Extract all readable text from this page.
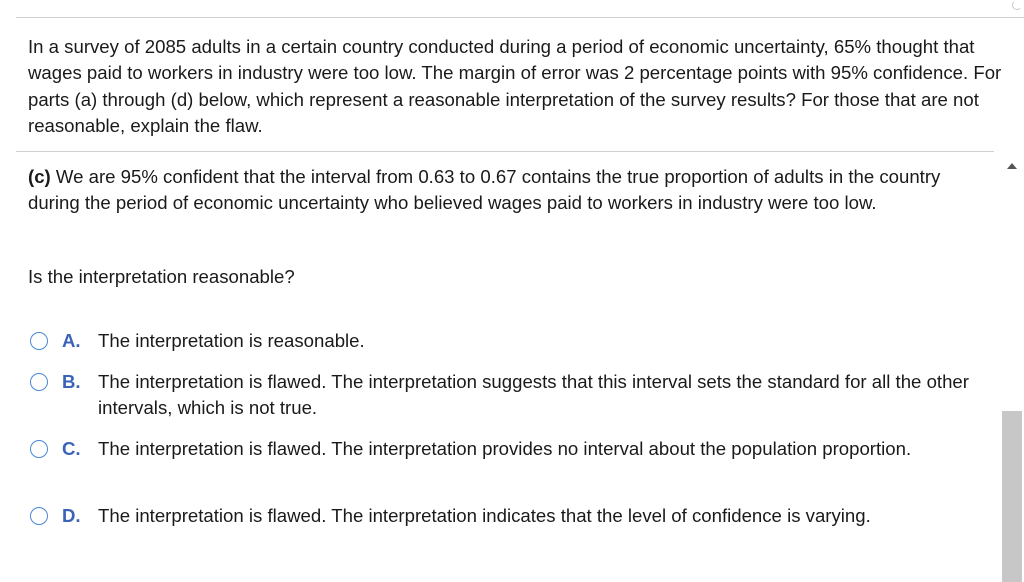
In a survey of 2085 adults in a certain country conducted during a period of economic uncertainty, 65% thought that wages paid to workers in industry were too low. The margin of error was 2 percentage points with 95% confidence. For parts (a) through (d) below, which represent a reasonable interpretation of the survey results? For those that are not reasonable, explain the flaw.

(c) We are 95% confident that the interval from 0.63 to 0.67 contains the true proportion of adults in the country during the period of economic uncertainty who believed wages paid to workers in industry were too low.

Is the interpretation reasonable?

A. The interpretation is reasonable.
B. The interpretation is flawed. The interpretation suggests that this interval sets the standard for all the other intervals, which is not true.
C. The interpretation is flawed. The interpretation provides no interval about the population proportion.
D. The interpretation is flawed. The interpretation indicates that the level of confidence is varying.
